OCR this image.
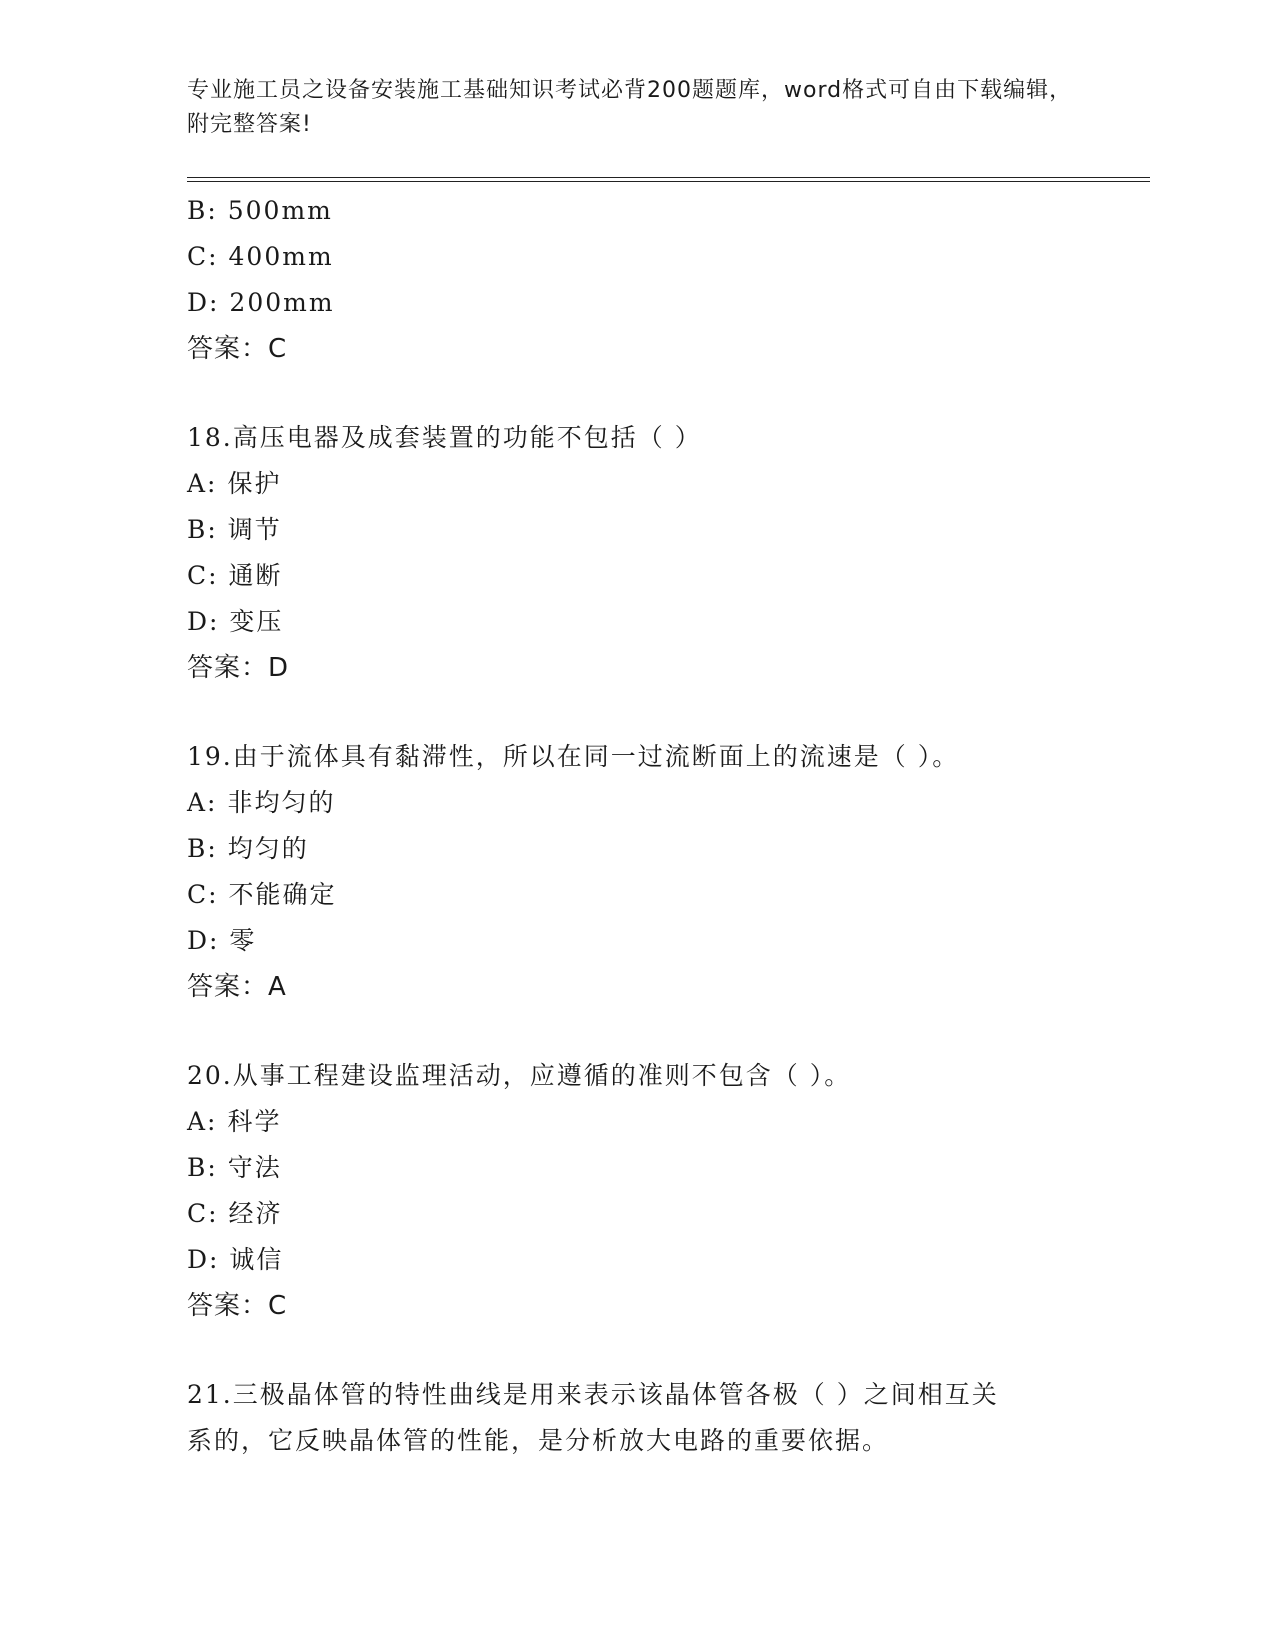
专业施工员之设备安装施工基础知识考试必背200题题库，word格式可自由下载编辑，附完整答案!
B: 500mm
C: 400mm
D: 200mm
答案：C
18.高压电器及成套装置的功能不包括（ ）
A: 保护
B: 调节
C: 通断
D: 变压
答案：D
19.由于流体具有黏滞性，所以在同一过流断面上的流速是（ ）。
A: 非均匀的
B: 均匀的
C: 不能确定
D: 零
答案：A
20.从事工程建设监理活动，应遵循的准则不包含（ ）。
A: 科学
B: 守法
C: 经济
D: 诚信
答案：C
21.三极晶体管的特性曲线是用来表示该晶体管各极（ ）之间相互关
系的，它反映晶体管的性能，是分析放大电路的重要依据。
